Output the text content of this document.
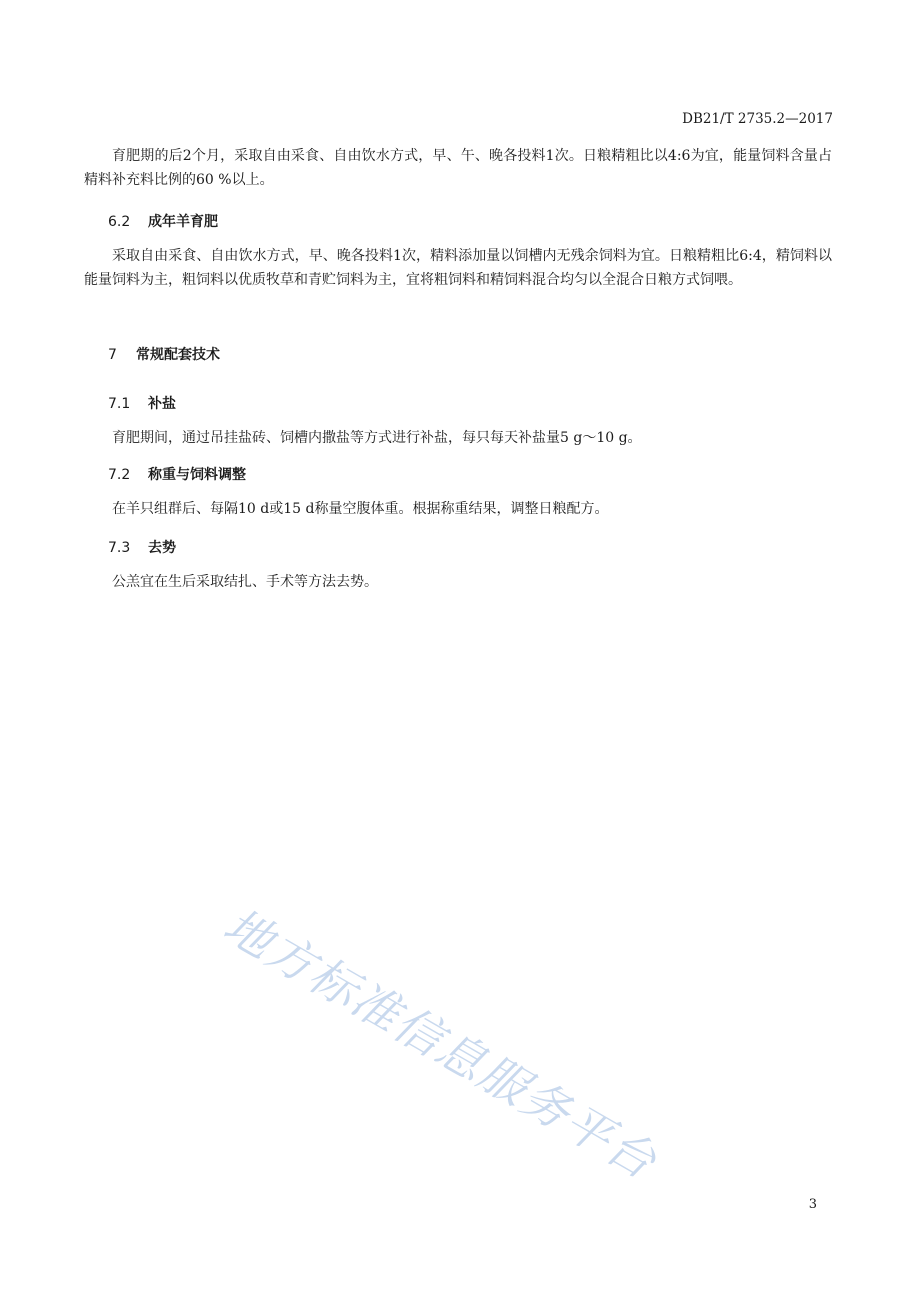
DB21/T 2735.2—2017

育肥期的后2个月，采取自由采食、自由饮水方式，早、午、晚各投料1次。日粮精粗比以4:6为宜，能量饲料含量占精料补充料比例的60 %以上。

6.2 成年羊育肥

采取自由采食、自由饮水方式，早、晚各投料1次，精料添加量以饲槽内无残余饲料为宜。日粮精粗比6:4，精饲料以能量饲料为主，粗饲料以优质牧草和青贮饲料为主，宜将粗饲料和精饲料混合均匀以全混合日粮方式饲喂。

7 常规配套技术
7.1 补盐

育肥期间，通过吊挂盐砖、饲槽内撒盐等方式进行补盐，每只每天补盐量5 g～10 g。

7.2 称重与饲料调整

在羊只组群后、每隔10 d或15 d称量空腹体重。根据称重结果，调整日粮配方。

7.3 去势

公羔宜在生后采取结扎、手术等方法去势。

地方标准信息服务平台
3
